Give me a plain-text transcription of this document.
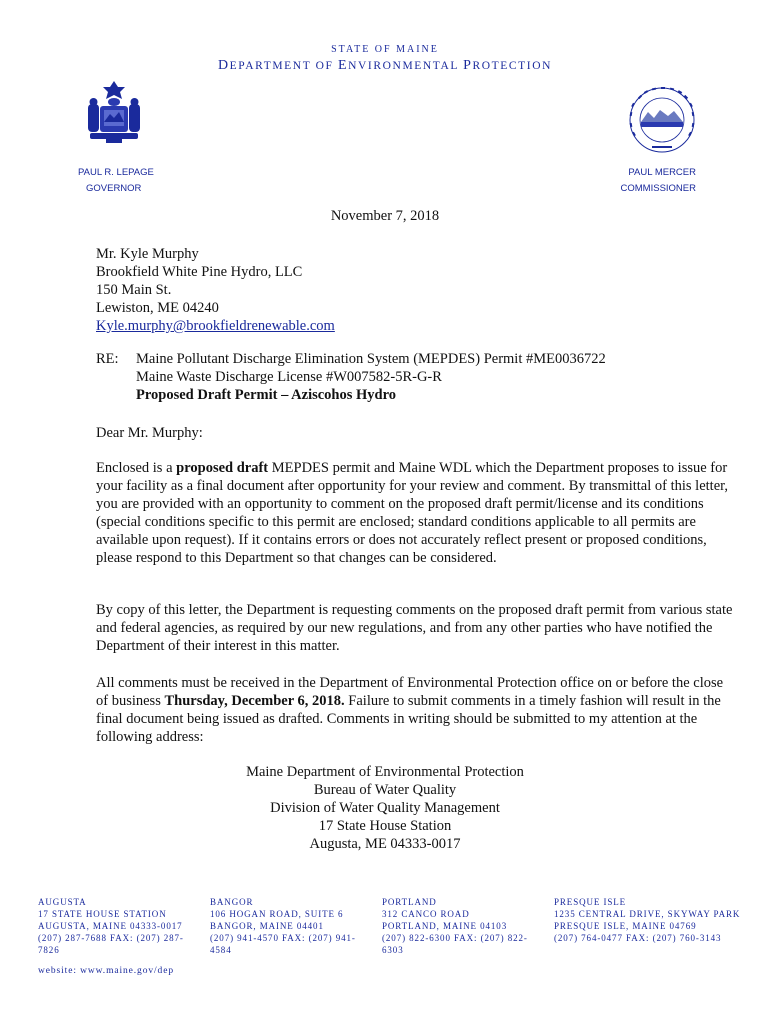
STATE OF MAINE
DEPARTMENT OF ENVIRONMENTAL PROTECTION
PAUL R. LEPAGE
GOVERNOR
PAUL MERCER
COMMISSIONER
November 7, 2018
Mr. Kyle Murphy
Brookfield White Pine Hydro, LLC
150 Main St.
Lewiston, ME 04240
Kyle.murphy@brookfieldrenewable.com
RE: Maine Pollutant Discharge Elimination System (MEPDES) Permit #ME0036722
Maine Waste Discharge License #W007582-5R-G-R
Proposed Draft Permit – Aziscohos Hydro
Dear Mr. Murphy:
Enclosed is a proposed draft MEPDES permit and Maine WDL which the Department proposes to issue for your facility as a final document after opportunity for your review and comment. By transmittal of this letter, you are provided with an opportunity to comment on the proposed draft permit/license and its conditions (special conditions specific to this permit are enclosed; standard conditions applicable to all permits are available upon request). If it contains errors or does not accurately reflect present or proposed conditions, please respond to this Department so that changes can be considered.
By copy of this letter, the Department is requesting comments on the proposed draft permit from various state and federal agencies, as required by our new regulations, and from any other parties who have notified the Department of their interest in this matter.
All comments must be received in the Department of Environmental Protection office on or before the close of business Thursday, December 6, 2018. Failure to submit comments in a timely fashion will result in the final document being issued as drafted. Comments in writing should be submitted to my attention at the following address:
Maine Department of Environmental Protection
Bureau of Water Quality
Division of Water Quality Management
17 State House Station
Augusta, ME 04333-0017
AUGUSTA
17 STATE HOUSE STATION
AUGUSTA, MAINE 04333-0017
(207) 287-7688 FAX: (207) 287-7826
BANGOR
106 HOGAN ROAD, SUITE 6
BANGOR, MAINE 04401
(207) 941-4570 FAX: (207) 941-4584
PORTLAND
312 CANCO ROAD
PORTLAND, MAINE 04103
(207) 822-6300 FAX: (207) 822-6303
PRESQUE ISLE
1235 CENTRAL DRIVE, SKYWAY PARK
PRESQUE ISLE, MAINE 04769
(207) 764-0477 FAX: (207) 760-3143
website: www.maine.gov/dep
